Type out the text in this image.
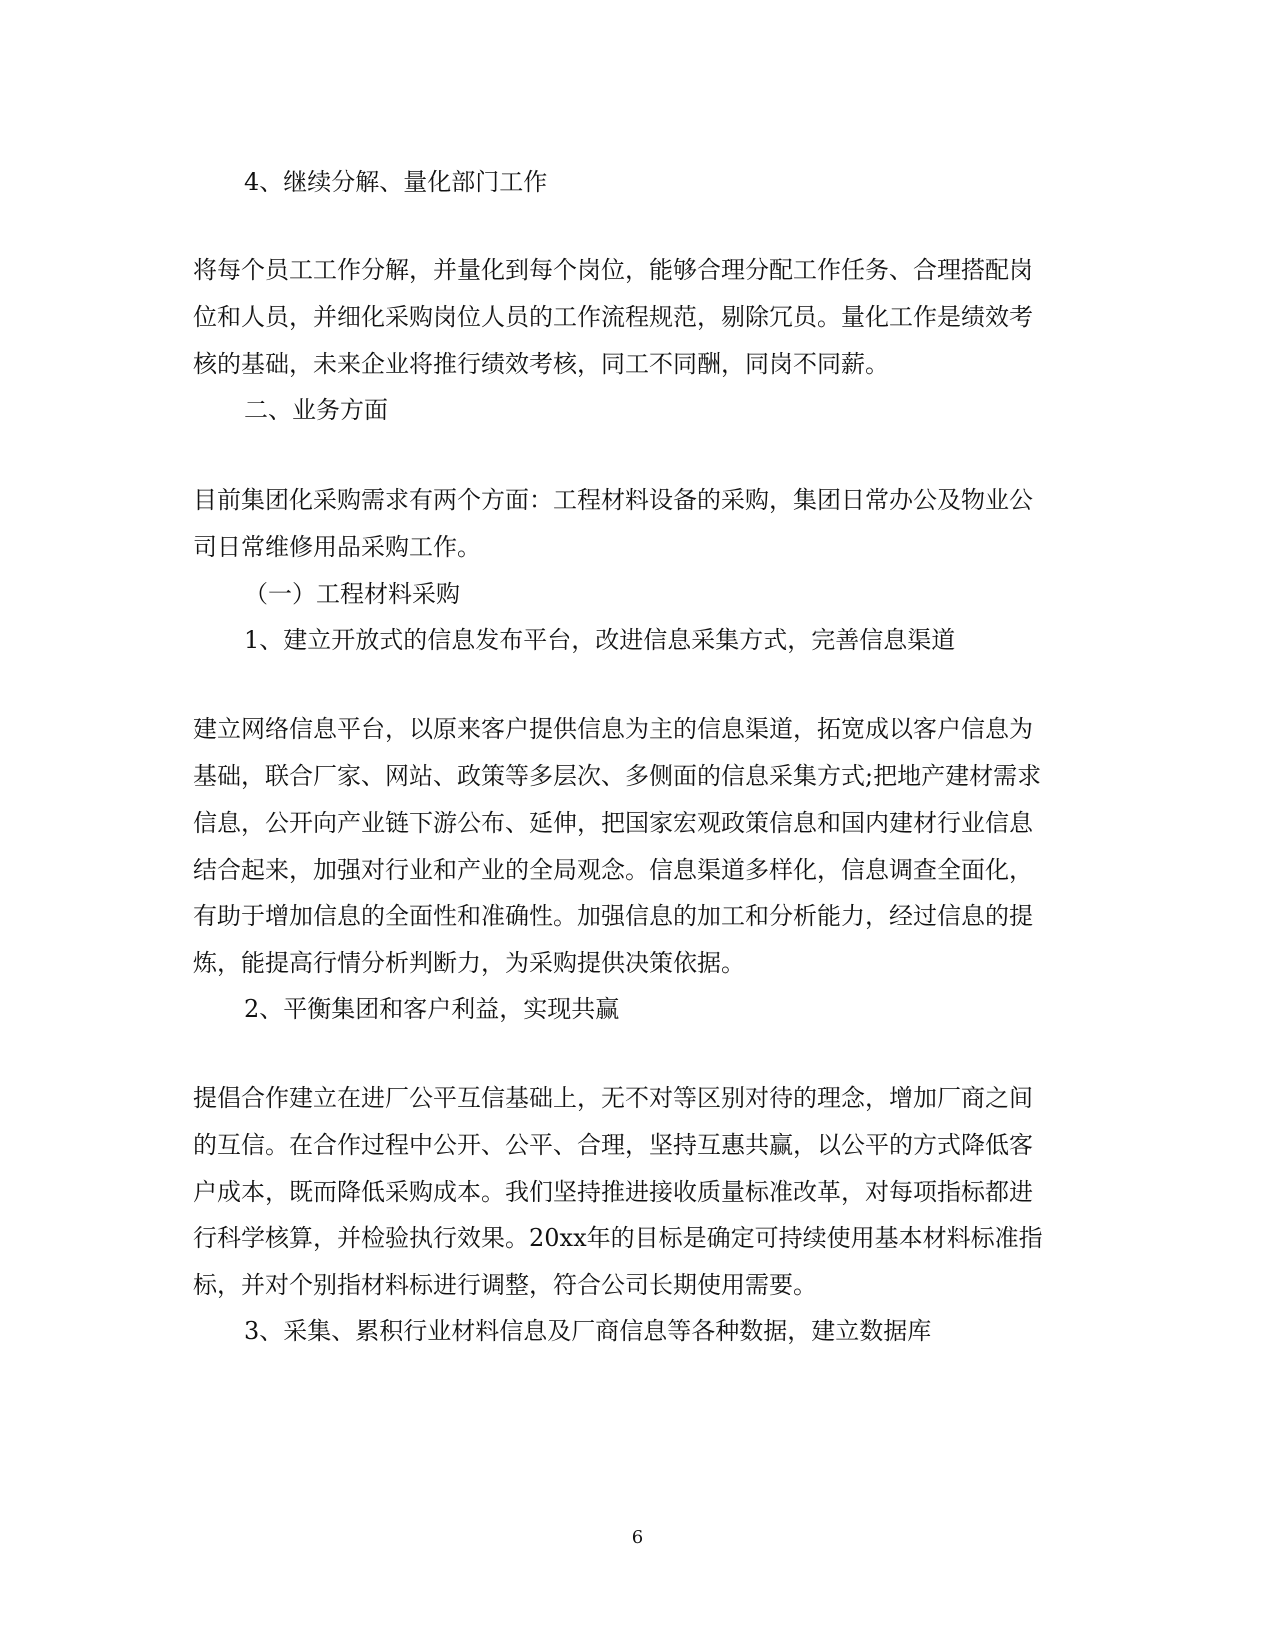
4、继续分解、量化部门工作
将每个员工工作分解，并量化到每个岗位，能够合理分配工作任务、合理搭配岗
位和人员，并细化采购岗位人员的工作流程规范，剔除冗员。量化工作是绩效考
核的基础，未来企业将推行绩效考核，同工不同酬，同岗不同薪。
二、业务方面
目前集团化采购需求有两个方面：工程材料设备的采购，集团日常办公及物业公
司日常维修用品采购工作。
（一）工程材料采购
1、建立开放式的信息发布平台，改进信息采集方式，完善信息渠道
建立网络信息平台，以原来客户提供信息为主的信息渠道，拓宽成以客户信息为
基础，联合厂家、网站、政策等多层次、多侧面的信息采集方式;把地产建材需求
信息，公开向产业链下游公布、延伸，把国家宏观政策信息和国内建材行业信息
结合起来，加强对行业和产业的全局观念。信息渠道多样化，信息调查全面化，
有助于增加信息的全面性和准确性。加强信息的加工和分析能力，经过信息的提
炼，能提高行情分析判断力，为采购提供决策依据。
2、平衡集团和客户利益，实现共赢
提倡合作建立在进厂公平互信基础上，无不对等区别对待的理念，增加厂商之间
的互信。在合作过程中公开、公平、合理，坚持互惠共赢，以公平的方式降低客
户成本，既而降低采购成本。我们坚持推进接收质量标准改革，对每项指标都进
行科学核算，并检验执行效果。20xx年的目标是确定可持续使用基本材料标准指
标，并对个别指材料标进行调整，符合公司长期使用需要。
3、采集、累积行业材料信息及厂商信息等各种数据，建立数据库
6
